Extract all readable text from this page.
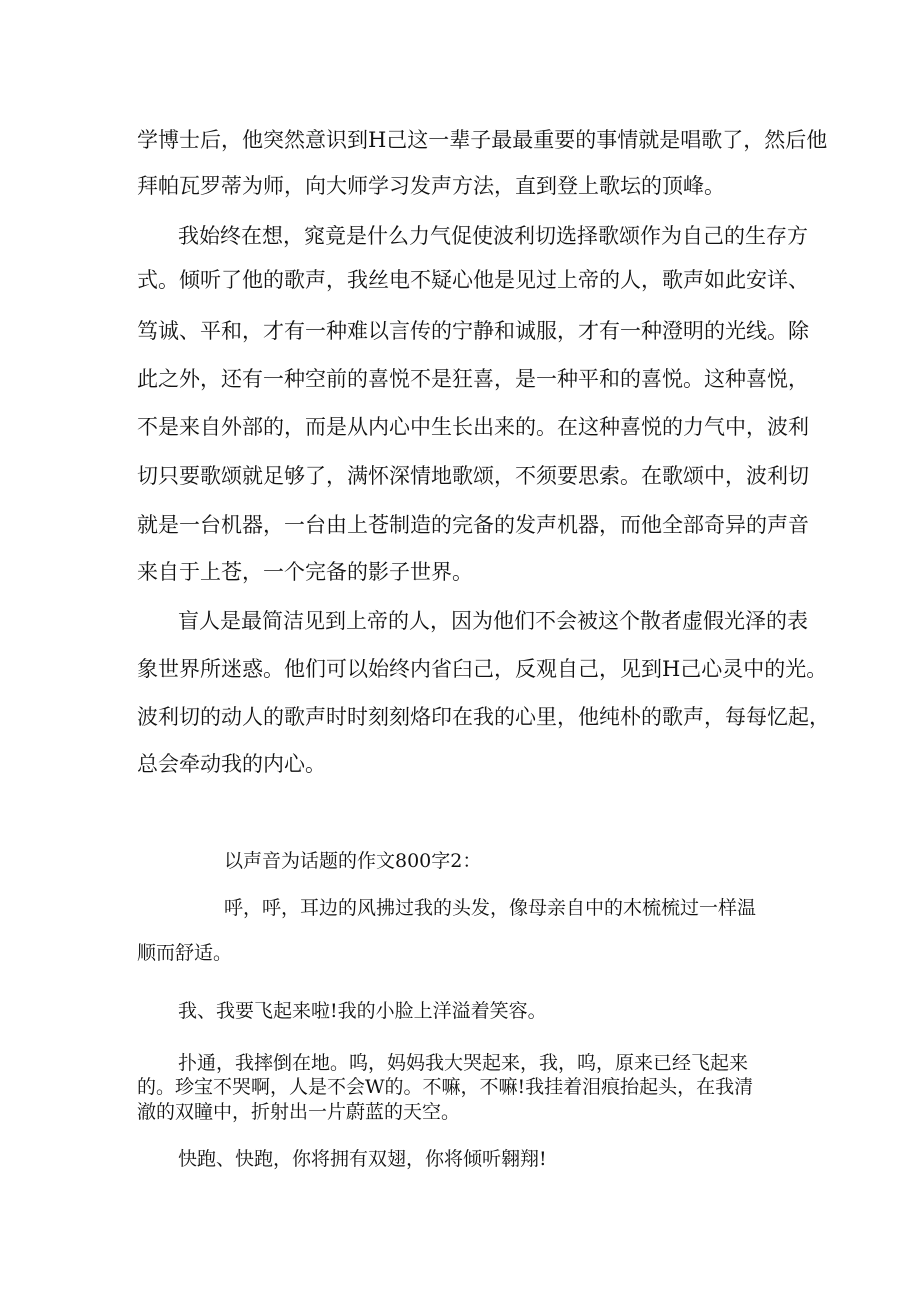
学博士后，他突然意识到H己这一辈子最最重要的事情就是唱歌了，然后他

拜帕瓦罗蒂为师，向大师学习发声方法，直到登上歌坛的顶峰。

我始终在想，窕竟是什么力气促使波利切选择歌颂作为自己的生存方

式。倾听了他的歌声，我丝电不疑心他是见过上帝的人，歌声如此安详、

笃诚、平和，才有一种难以言传的宁静和诚服，才有一种澄明的光线。除

此之外，还有一种空前的喜悦不是狂喜，是一种平和的喜悦。这种喜悦，

不是来自外部的，而是从内心中生长出来的。在这种喜悦的力气中，波利

切只要歌颂就足够了，满怀深情地歌颂，不须要思索。在歌颂中，波利切

就是一台机器，一台由上苍制造的完备的发声机器，而他全部奇异的声音

来自于上苍，一个完备的影子世界。

盲人是最简洁见到上帝的人，因为他们不会被这个散者虚假光泽的表

象世界所迷惑。他们可以始终内省臼己，反观自己，见到H己心灵中的光。

波利切的动人的歌声时时刻刻烙印在我的心里，他纯朴的歌声，每每忆起，

总会牵动我的内心。

以声音为话题的作文800字2：

呼，呼，耳边的风拂过我的头发，像母亲自中的木梳梳过一样温

顺而舒适。

我、我要飞起来啦!我的小脸上洋溢着笑容。

扑通，我摔倒在地。呜，妈妈我大哭起来，我，呜，原来已经飞起来

的。珍宝不哭啊，人是不会W的。不嘛，不嘛!我挂着泪痕抬起头，在我清

澈的双瞳中，折射出一片蔚蓝的天空。

快跑、快跑，你将拥有双翅，你将倾听翱翔!
